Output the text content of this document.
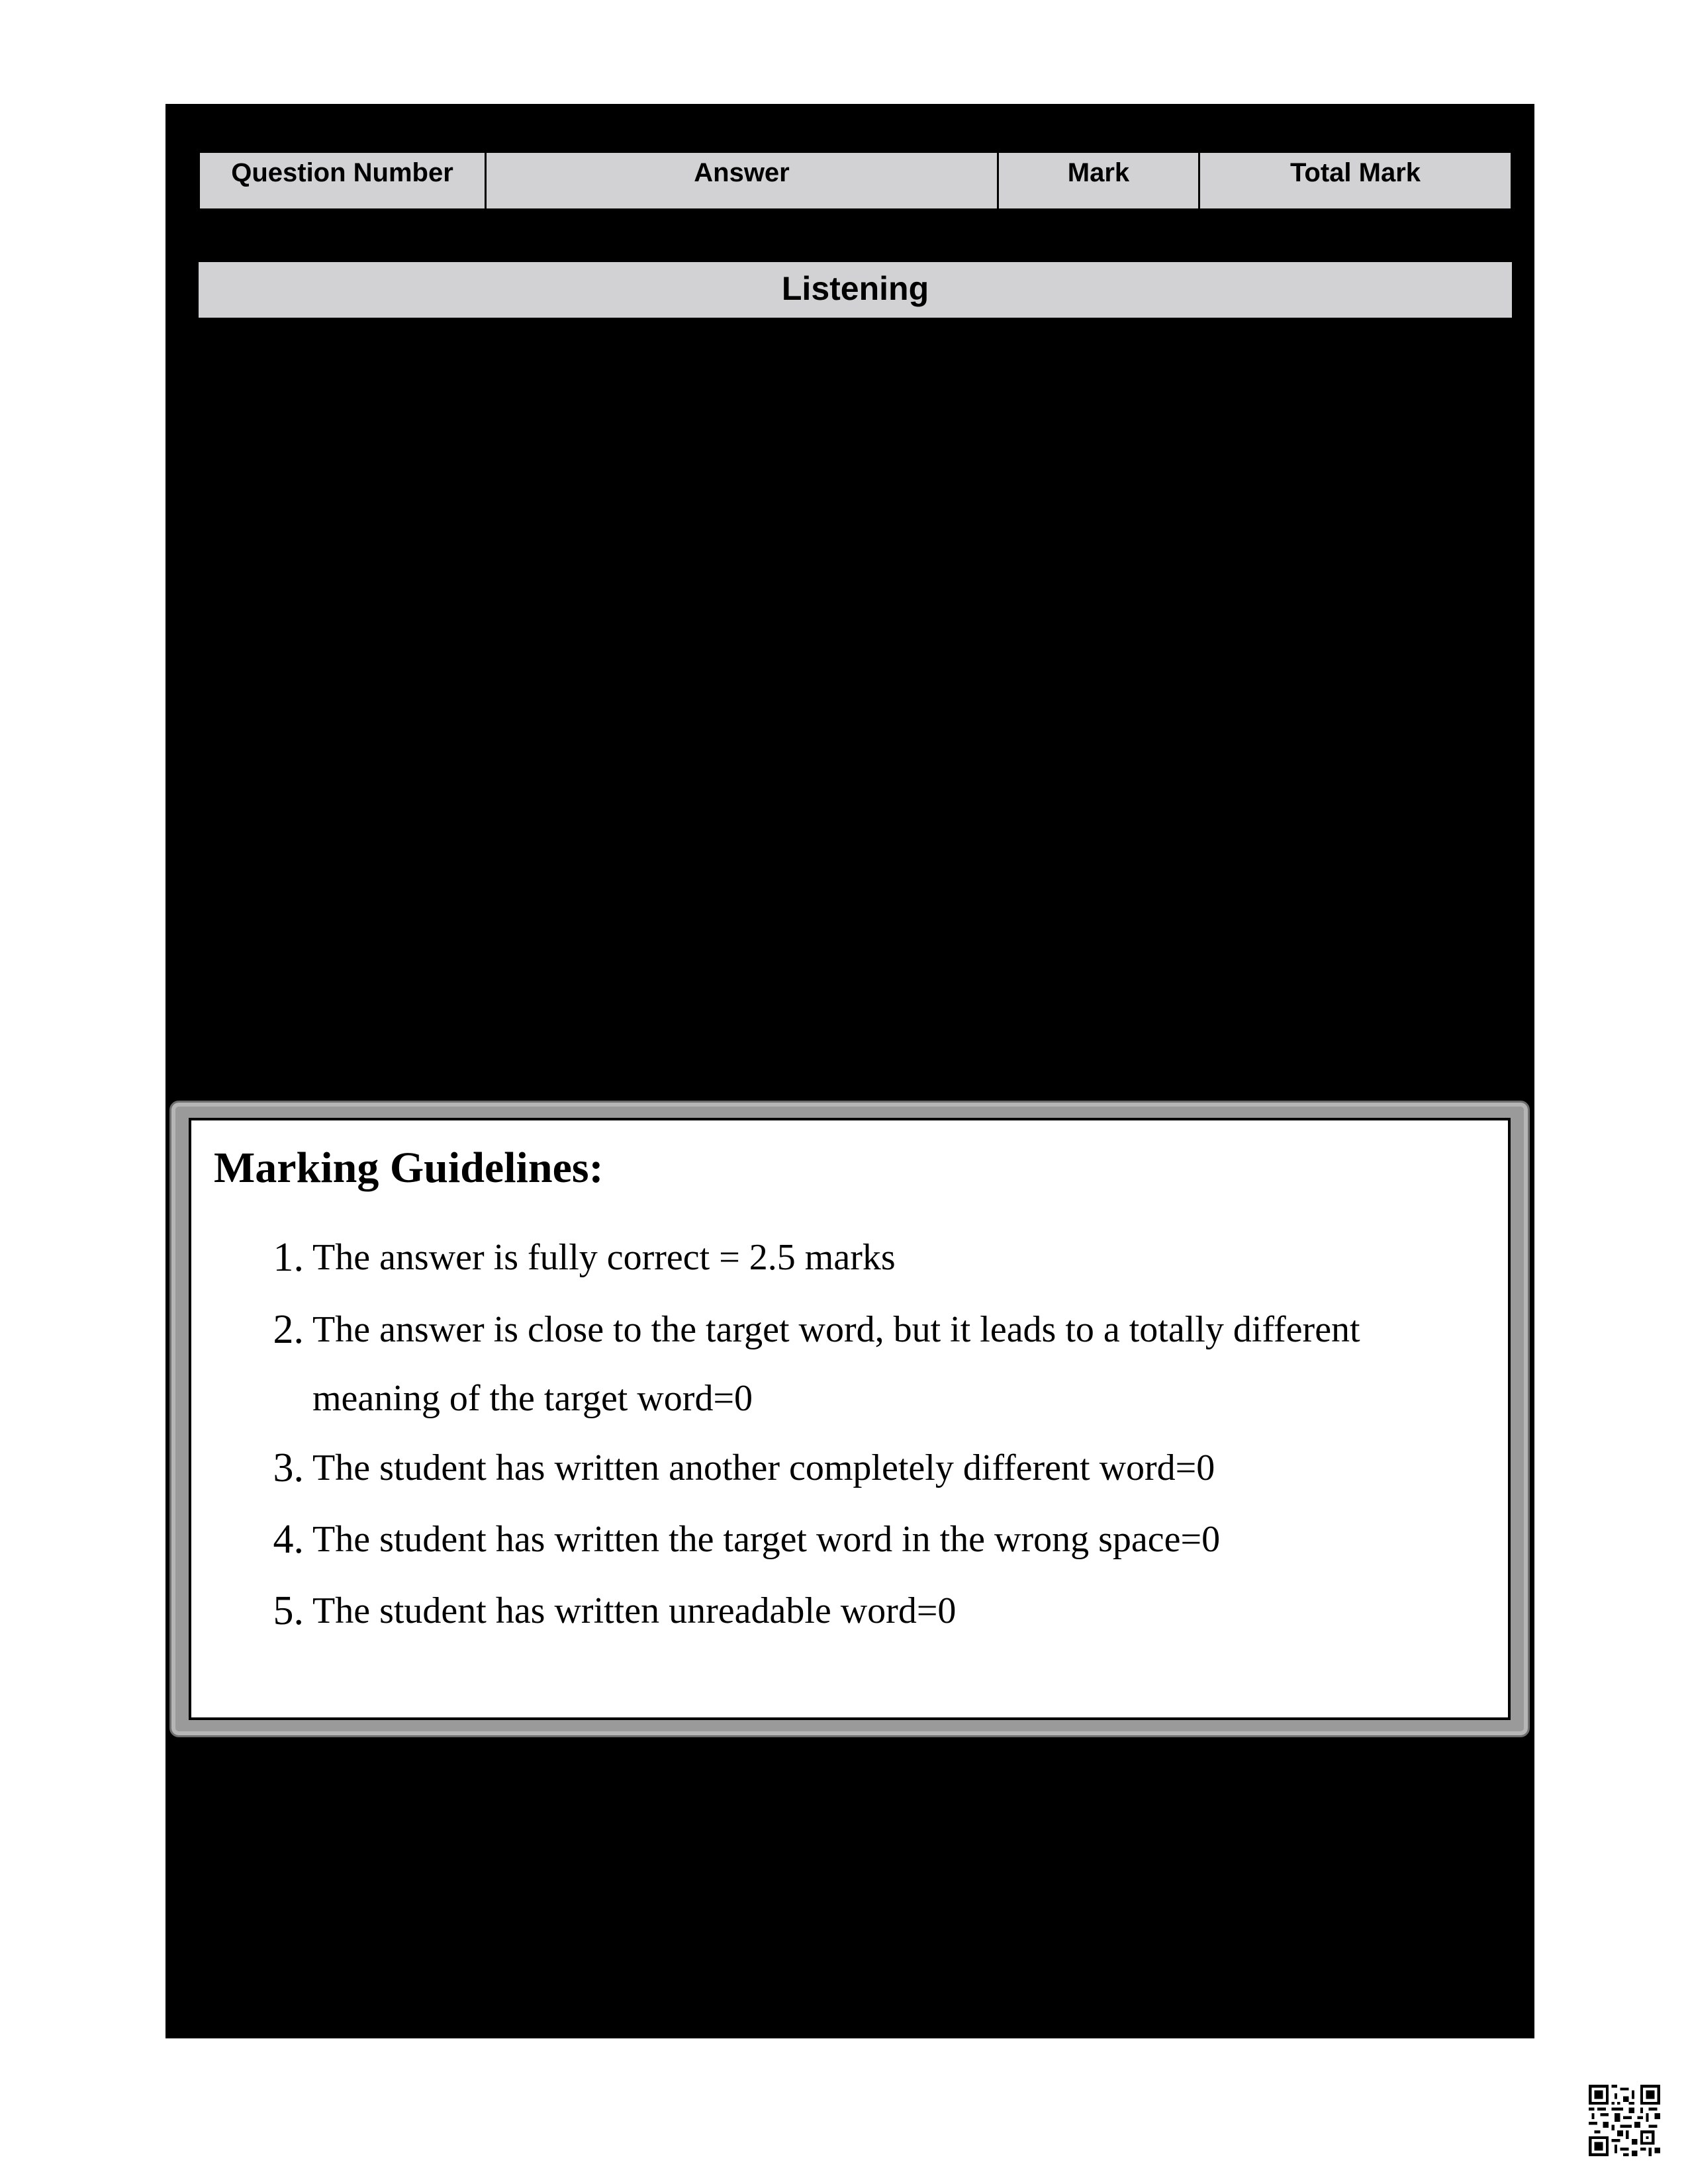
Question Number	Answer	Mark	Total Mark
Listening
Marking Guidelines:
1. The answer is fully correct = 2.5 marks
2. The answer is close to the target word, but it leads to a totally different meaning of the target word=0
3. The student has written another completely different word=0
4. The student has written the target word in the wrong space=0
5. The student has written unreadable word=0
